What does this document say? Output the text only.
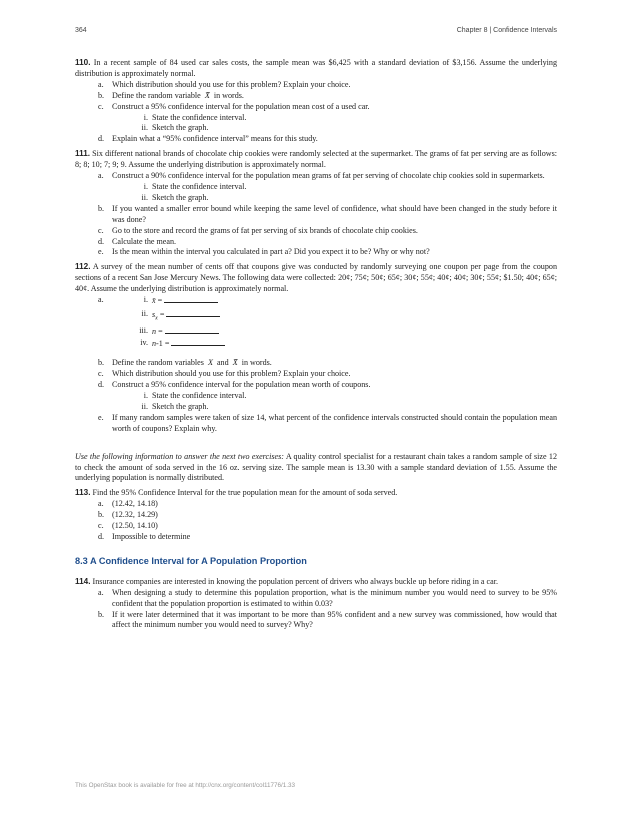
364	Chapter 8 | Confidence Intervals
110. In a recent sample of 84 used car sales costs, the sample mean was $6,425 with a standard deviation of $3,156. Assume the underlying distribution is approximately normal.
a.	Which distribution should you use for this problem? Explain your choice.
b. Define the random variable X̄ in words.
c.	Construct a 95% confidence interval for the population mean cost of a used car.
i. State the confidence interval.
ii. Sketch the graph.
d. Explain what a “95% confidence interval” means for this study.
111. Six different national brands of chocolate chip cookies were randomly selected at the supermarket. The grams of fat per serving are as follows: 8; 8; 10; 7; 9; 9. Assume the underlying distribution is approximately normal.
a.	Construct a 90% confidence interval for the population mean grams of fat per serving of chocolate chip cookies sold in supermarkets.
i. State the confidence interval.
ii. Sketch the graph.
b. If you wanted a smaller error bound while keeping the same level of confidence, what should have been changed in the study before it was done?
c.	Go to the store and record the grams of fat per serving of six brands of chocolate chip cookies.
d. Calculate the mean.
e.	Is the mean within the interval you calculated in part a? Did you expect it to be? Why or why not?
112. A survey of the mean number of cents off that coupons give was conducted by randomly surveying one coupon per page from the coupon sections of a recent San Jose Mercury News. The following data were collected: 20¢; 75¢; 50¢; 65¢; 30¢; 55¢; 40¢; 40¢; 30¢; 55¢; $1.50; 40¢; 65¢; 40¢. Assume the underlying distribution is approximately normal.
a.
	i. x̄ =
ii. $s_x$ =
iii. n =
iv. n-1 =
b. Define the random variables X and X̄ in words.
c.	Which distribution should you use for this problem? Explain your choice.
d. Construct a 95% confidence interval for the population mean worth of coupons.
i. State the confidence interval.
ii. Sketch the graph.
e.	If many random samples were taken of size 14, what percent of the confidence intervals constructed should contain the population mean worth of coupons? Explain why.
Use the following information to answer the next two exercises: A quality control specialist for a restaurant chain takes a random sample of size 12 to check the amount of soda served in the 16 oz. serving size. The sample mean is 13.30 with a sample standard deviation of 1.55. Assume the underlying population is normally distributed.
113. Find the 95% Confidence Interval for the true population mean for the amount of soda served.
a.	(12.42, 14.18)
b. (12.32, 14.29)
c.	(12.50, 14.10)
d. Impossible to determine
8.3 A Confidence Interval for A Population Proportion
114. Insurance companies are interested in knowing the population percent of drivers who always buckle up before riding in a car.
a.	When designing a study to determine this population proportion, what is the minimum number you would need to survey to be 95% confident that the population proportion is estimated to within 0.03?
b. If it were later determined that it was important to be more than 95% confident and a new survey was commissioned, how would that affect the minimum number you would need to survey? Why?
This OpenStax book is available for free at http://cnx.org/content/col11776/1.33
